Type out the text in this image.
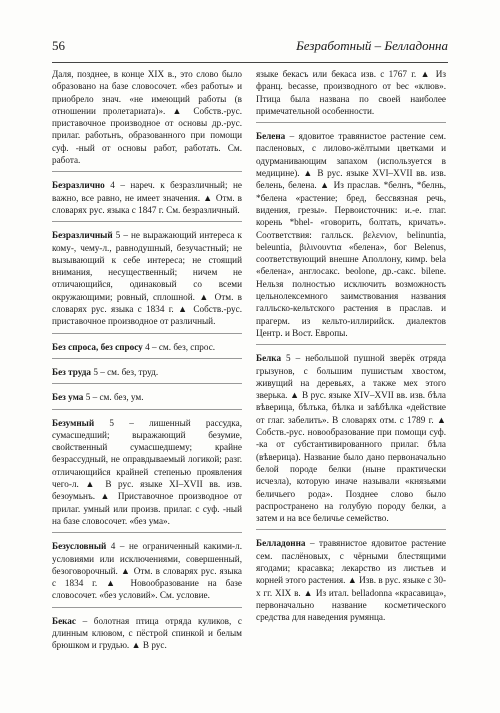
56	Безработный – Белладонна

Даля, позднее, в конце XIX в., это слово было образовано на базе словосочет. «без работы» и приобрело знач. «не имеющий работы (в отношении пролетариата)». ▲ Собств.-рус. приставочное производное от основы др.-рус. прилаг. работьнъ, образованного при помощи суф. -ный от основы работ, работать. См. работа.

Безразлично 4 – нареч. к безразличный; не важно, все равно, не имеет значения. ▲ Отм. в словарях рус. языка с 1847 г. См. безразличный.

Безразличный 5 – не выражающий интереса к кому-, чему-л., равнодушный, безучастный; не вызывающий к себе интереса; не стоящий внимания, несущественный; ничем не отличающийся, одинаковый со всеми окружающими; ровный, сплошной. ▲ Отм. в словарях рус. языка с 1834 г. ▲ Собств.-рус. приставочное производное от различный.

Без спроса, без спросу 4 – см. без, спрос.

Без труда 5 – см. без, труд.

Без ума 5 – см. без, ум.

Безумный 5 – лишенный рассудка, сумасшедший; выражающий безумие, свойственный сумасшедшему; крайне безрассудный, не оправдываемый логикой; разг. отличающийся крайней степенью проявления чего-л. ▲ В рус. языке XI–XVII вв. изв. безоумьнъ. ▲ Приставочное производное от прилаг. умный или произв. прилаг. с суф. -ный на базе словосочет. «без ума».

Безусловный 4 – не ограниченный какими-л. условиями или исключениями, совершенный, безоговорочный. ▲ Отм. в словарях рус. языка с 1834 г. ▲ Новообразование на базе словосочет. «без условий». См. условие.

Бекас – болотная птица отряда куликов, с длинным клювом, с пёстрой спинкой и белым брюшком и грудью. ▲ В рус.

языке бекасъ или бекаса изв. с 1767 г. ▲ Из франц. becasse, производного от bec «клюв». Птица была названа по своей наиболее примечательной особенности.

Белена – ядовитое травянистое растение сем. пасленовых, с лилово-жёлтыми цветками и одурманивающим запахом (используется в медицине). ▲ В рус. языке XVI–XVII вв. изв. белень, белена. ▲ Из праслав. *белнъ, *белнь, *белена «растение; бред, бессвязная речь, видения, грезы». Первоисточник: и.-е. глаг. корень *bhel- «говорить, болтать, кричать». Соответствия: галльск. βελενιον, belinuntia, beleuntia, βιλινουντια «белена», бог Belenus, соответствующий внешне Аполлону, кимр. bela «белена», англосакс. beolone, др.-сакс. bilene. Нельзя полностью исключить возможность цельнолексемного заимствования названия галльско-кельтского растения в праслав. и прагерм. из кельто-иллирийск. диалектов Центр. и Вост. Европы.

Белка 5 – небольшой пушной зверёк отряда грызунов, с большим пушистым хвостом, живущий на деревьях, а также мех этого зверька. ▲ В рус. языке XIV–XVII вв. изв. бѣла вѣверица, бѣлъка, бѣлка и заѣбѣлка «действие от глаг. забелить». В словарях отм. с 1789 г. ▲ Собств.-рус. новообразование при помощи суф. -ка от субстантивированного прилаг. бѣла (вѣверица). Название было дано первоначально белой породе белки (ныне практически исчезла), которую иначе называли «князьями беличьего рода». Позднее слово было распространено на голубую породу белки, а затем и на все беличье семейство.

Белладонна – травянистое ядовитое растение сем. паслёновых, с чёрными блестящими ягодами; красавка; лекарство из листьев и корней этого растения. ▲ Изв. в рус. языке с 30-х гг. XIX в. ▲ Из итал. belladonna «красавица», первоначально название косметического средства для наведения румянца.
